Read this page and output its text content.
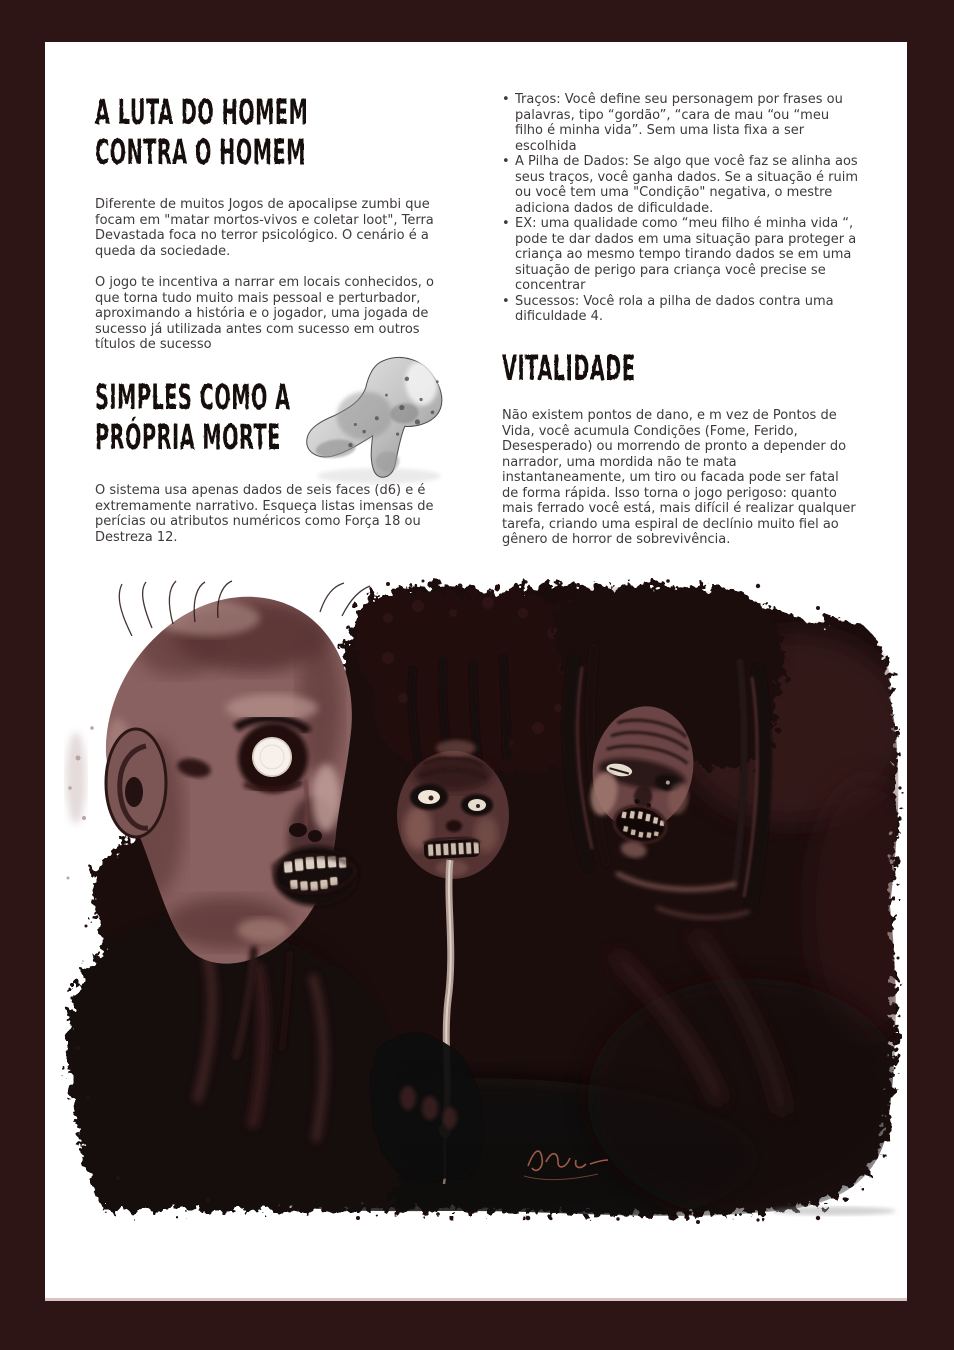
A LUTA DO HOMEM
CONTRA O HOMEM

Diferente de muitos Jogos de apocalipse zumbi que focam em "matar mortos-vivos e coletar loot", Terra Devastada foca no terror psicológico. O cenário é a queda da sociedade.

O jogo te incentiva a narrar em locais conhecidos, o que torna tudo muito mais pessoal e perturbador, aproximando a história e o jogador, uma jogada de sucesso já utilizada antes com sucesso em outros títulos de sucesso

SIMPLES COMO A
PRÓPRIA MORTE

O sistema usa apenas dados de seis faces (d6) e é extremamente narrativo. Esqueça listas imensas de perícias ou atributos numéricos como Força 18 ou Destreza 12.

• Traços: Você define seu personagem por frases ou palavras, tipo “gordão”, “cara de mau “ou “meu filho é minha vida”. Sem uma lista fixa a ser escolhida
• A Pilha de Dados: Se algo que você faz se alinha aos seus traços, você ganha dados. Se a situação é ruim ou você tem uma "Condição" negativa, o mestre adiciona dados de dificuldade.
• EX: uma qualidade como “meu filho é minha vida “, pode te dar dados em uma situação para proteger a criança ao mesmo tempo tirando dados se em uma situação de perigo para criança você precise se concentrar
• Sucessos: Você rola a pilha de dados contra uma dificuldade 4.
VITALIDADE

Não existem pontos de dano, e m vez de Pontos de Vida, você acumula Condições (Fome, Ferido, Desesperado) ou morrendo de pronto a depender do narrador, uma mordida não te mata instantaneamente, um tiro ou facada pode ser fatal de forma rápida. Isso torna o jogo perigoso: quanto mais ferrado você está, mais difícil é realizar qualquer tarefa, criando uma espiral de declínio muito fiel ao gênero de horror de sobrevivência.
